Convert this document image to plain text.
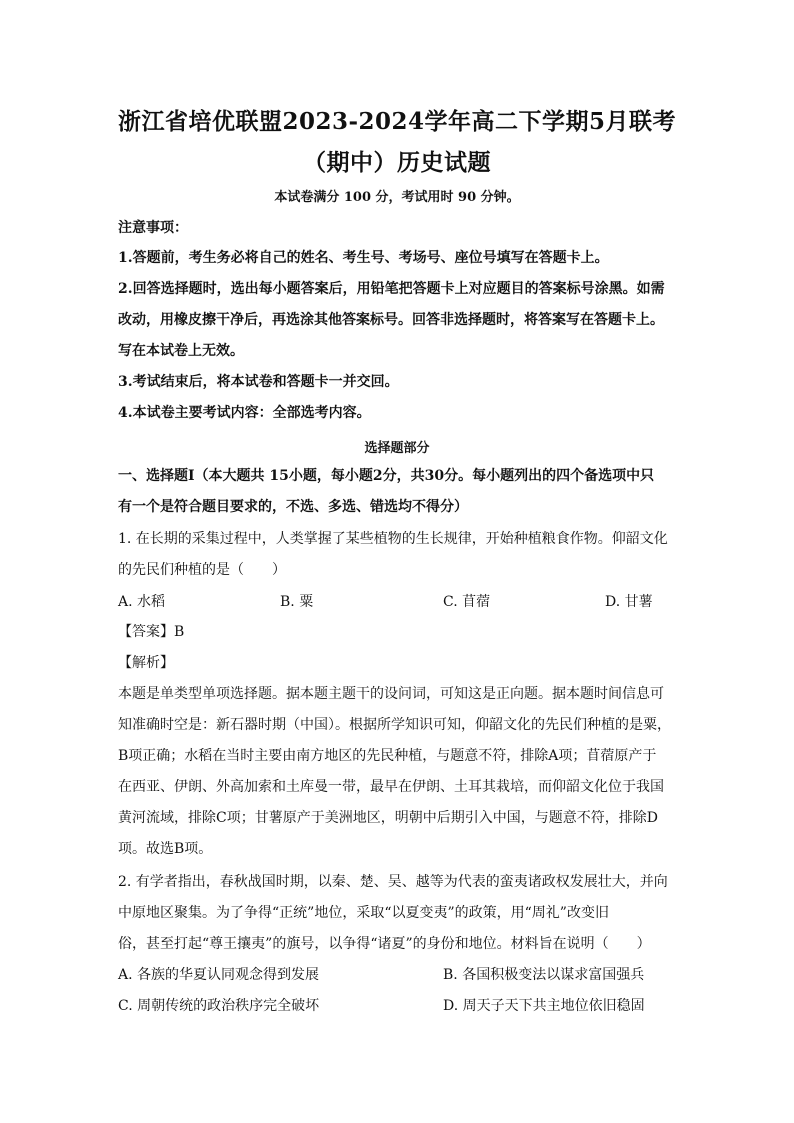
浙江省培优联盟2023-2024学年高二下学期5月联考
（期中）历史试题
本试卷满分 100 分，考试用时 90 分钟。
注意事项：
1.答题前，考生务必将自己的姓名、考生号、考场号、座位号填写在答题卡上。
2.回答选择题时，选出每小题答案后，用铅笔把答题卡上对应题目的答案标号涂黑。如需
改动，用橡皮擦干净后，再选涂其他答案标号。回答非选择题时，将答案写在答题卡上。
写在本试卷上无效。
3.考试结束后，将本试卷和答题卡一并交回。
4.本试卷主要考试内容：全部选考内容。
选择题部分
一、选择题Ⅰ（本大题共 15小题，每小题2分，共30分。每小题列出的四个备选项中只
有一个是符合题目要求的，不选、多选、错选均不得分）
1. 在长期的采集过程中，人类掌握了某些植物的生长规律，开始种植粮食作物。仰韶文化
的先民们种植的是（　　）
A. 水稻	B. 粟	C. 苜蓿	D. 甘薯
【答案】B
【解析】
本题是单类型单项选择题。据本题主题干的设问词，可知这是正向题。据本题时间信息可
知准确时空是：新石器时期（中国）。根据所学知识可知，仰韶文化的先民们种植的是粟，
B项正确；水稻在当时主要由南方地区的先民种植，与题意不符，排除A项；苜蓿原产于
在西亚、伊朗、外高加索和土库曼一带，最早在伊朗、土耳其栽培，而仰韶文化位于我国
黄河流域，排除C项；甘薯原产于美洲地区，明朝中后期引入中国，与题意不符，排除D
项。故选B项。
2. 有学者指出，春秋战国时期，以秦、楚、吴、越等为代表的蛮夷诸政权发展壮大，并向
中原地区聚集。为了争得“正统”地位，采取“以夏变夷”的政策，用“周礼”改变旧
俗，甚至打起“尊王攘夷”的旗号，以争得“诸夏”的身份和地位。材料旨在说明（　　）
A. 各族的华夏认同观念得到发展	B. 各国积极变法以谋求富国强兵
C. 周朝传统的政治秩序完全破坏	D. 周天子天下共主地位依旧稳固
